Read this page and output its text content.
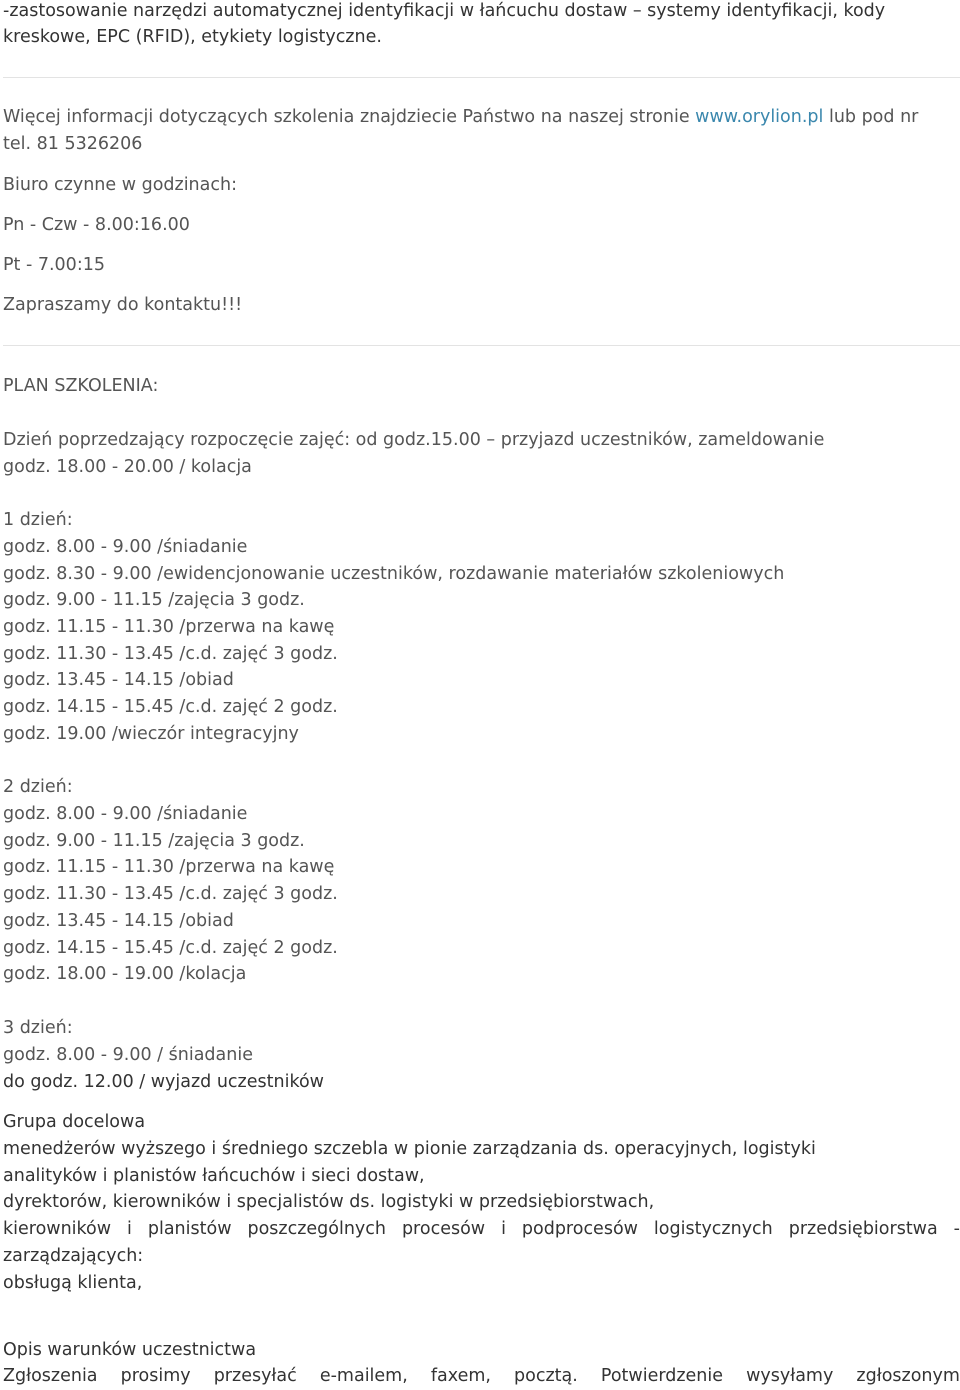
-zastosowanie narzędzi automatycznej identyfikacji w łańcuchu dostaw – systemy identyfikacji, kody
kreskowe, EPC (RFID), etykiety logistyczne.
Więcej informacji dotyczących szkolenia znajdziecie Państwo na naszej stronie www.orylion.pl lub pod nr
tel. 81 5326206
Biuro czynne w godzinach:
Pn - Czw - 8.00:16.00
Pt - 7.00:15
Zapraszamy do kontaktu!!!
PLAN SZKOLENIA:
Dzień poprzedzający rozpoczęcie zajęć: od godz.15.00 – przyjazd uczestników, zameldowanie
godz. 18.00 - 20.00 / kolacja
1 dzień:
godz. 8.00 - 9.00 /śniadanie
godz. 8.30 - 9.00 /ewidencjonowanie uczestników, rozdawanie materiałów szkoleniowych
godz. 9.00 - 11.15 /zajęcia 3 godz.
godz. 11.15 - 11.30 /przerwa na kawę
godz. 11.30 - 13.45 /c.d. zajęć 3 godz.
godz. 13.45 - 14.15 /obiad
godz. 14.15 - 15.45 /c.d. zajęć 2 godz.
godz. 19.00 /wieczór integracyjny
2 dzień:
godz. 8.00 - 9.00 /śniadanie
godz. 9.00 - 11.15 /zajęcia 3 godz.
godz. 11.15 - 11.30 /przerwa na kawę
godz. 11.30 - 13.45 /c.d. zajęć 3 godz.
godz. 13.45 - 14.15 /obiad
godz. 14.15 - 15.45 /c.d. zajęć 2 godz.
godz. 18.00 - 19.00 /kolacja
3 dzień:
godz. 8.00 - 9.00 / śniadanie
do godz. 12.00 / wyjazd uczestników
Grupa docelowa
menedżerów wyższego i średniego szczebla w pionie zarządzania ds. operacyjnych, logistyki
analityków i planistów łańcuchów i sieci dostaw,
dyrektorów, kierowników i specjalistów ds. logistyki w przedsiębiorstwach,
kierowników i planistów poszczególnych procesów i podprocesów logistycznych przedsiębiorstwa -
zarządzających:
obsługą klienta,
Opis warunków uczestnictwa
Zgłoszenia prosimy przesyłać e-mailem, faxem, pocztą. Potwierdzenie wysyłamy zgłoszonym
